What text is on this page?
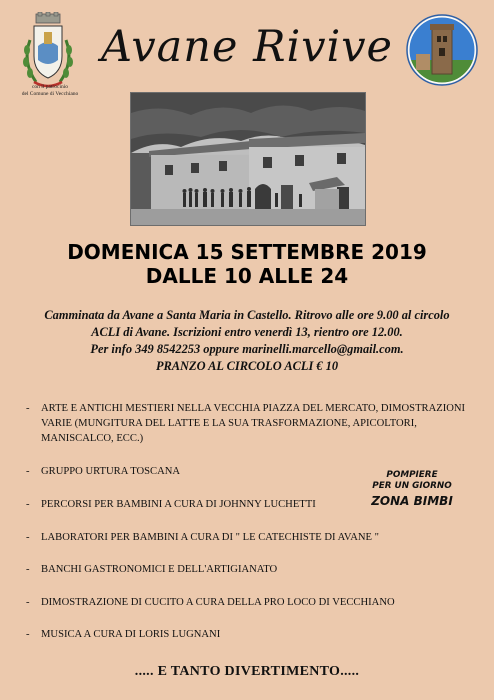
con il patrocinio
del Comune di Vecchiano
Avane Rivive
DOMENICA 15 SETTEMBRE 2019
DALLE 10 ALLE 24
Camminata da Avane a Santa Maria in Castello. Ritrovo alle ore 9.00 al circolo
ACLI di Avane. Iscrizioni entro venerdì 13, rientro ore 12.00.
Per info 349 8542253 oppure marinelli.marcello@gmail.com.
PRANZO AL CIRCOLO ACLI € 10
- ARTE E ANTICHI MESTIERI NELLA VECCHIA PIAZZA DEL MERCATO, DIMOSTRAZIONI VARIE (MUNGITURA DEL LATTE E LA SUA TRASFORMAZIONE, APICOLTORI, MANISCALCO, ECC.)
- GRUPPO URTURA TOSCANA
- PERCORSI PER BAMBINI A CURA DI JOHNNY LUCHETTI
- LABORATORI PER BAMBINI A CURA DI " LE CATECHISTE DI AVANE "
- BANCHI GASTRONOMICI E DELL'ARTIGIANATO
- DIMOSTRAZIONE DI CUCITO A CURA DELLA PRO LOCO DI VECCHIANO
- MUSICA A CURA DI LORIS LUGNANI
POMPIERE
PER UN GIORNO
ZONA BIMBI
..... E TANTO DIVERTIMENTO.....
